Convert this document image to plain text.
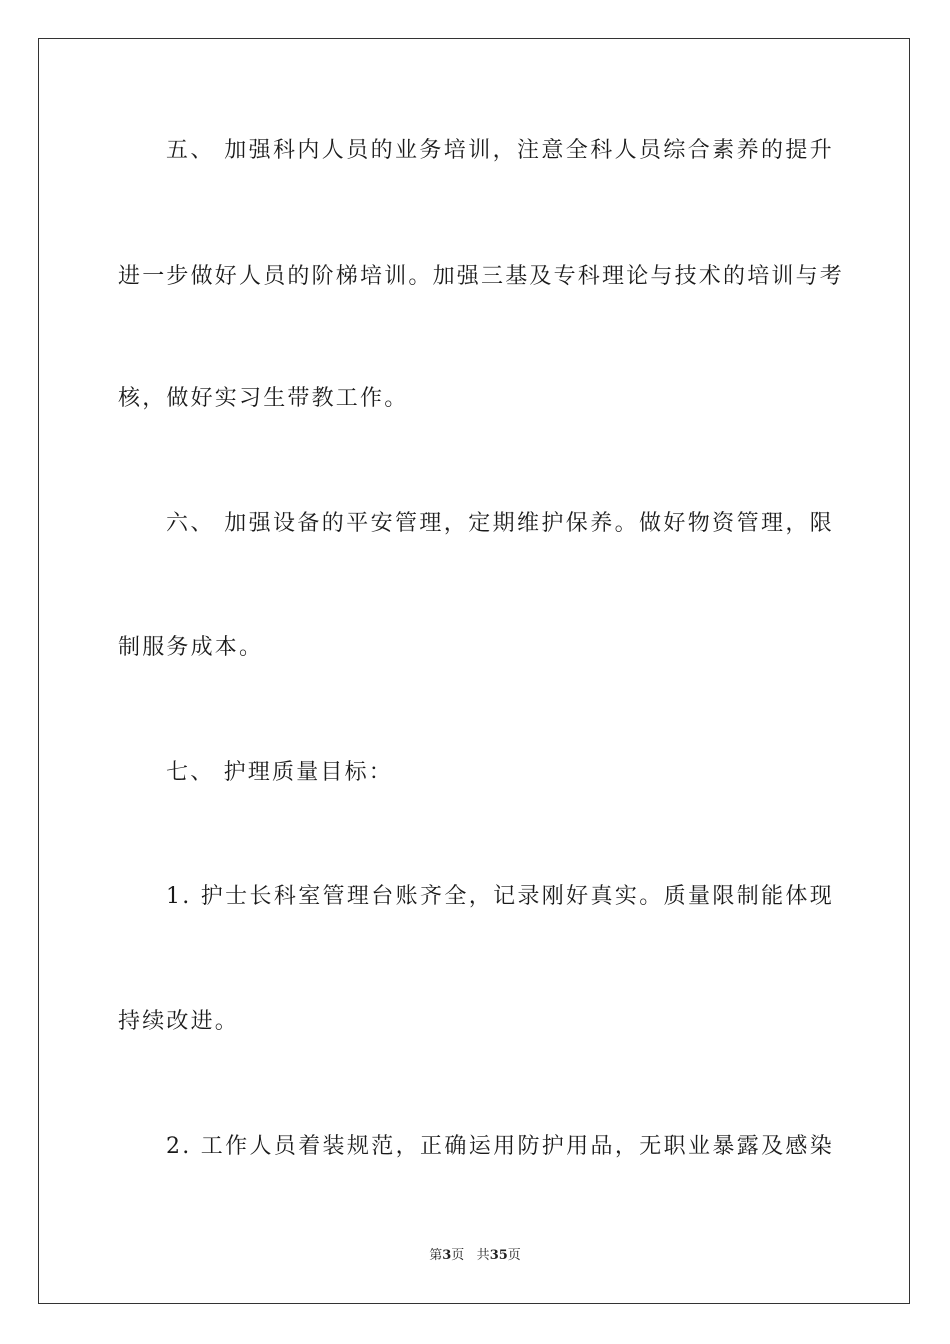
五、 加强科内人员的业务培训，注意全科人员综合素养的提升
进一步做好人员的阶梯培训。加强三基及专科理论与技术的培训与考
核，做好实习生带教工作。
六、 加强设备的平安管理，定期维护保养。做好物资管理，限
制服务成本。
七、 护理质量目标：
1. 护士长科室管理台账齐全，记录刚好真实。质量限制能体现
持续改进。
2. 工作人员着装规范，正确运用防护用品，无职业暴露及感染
第3页 共35页
